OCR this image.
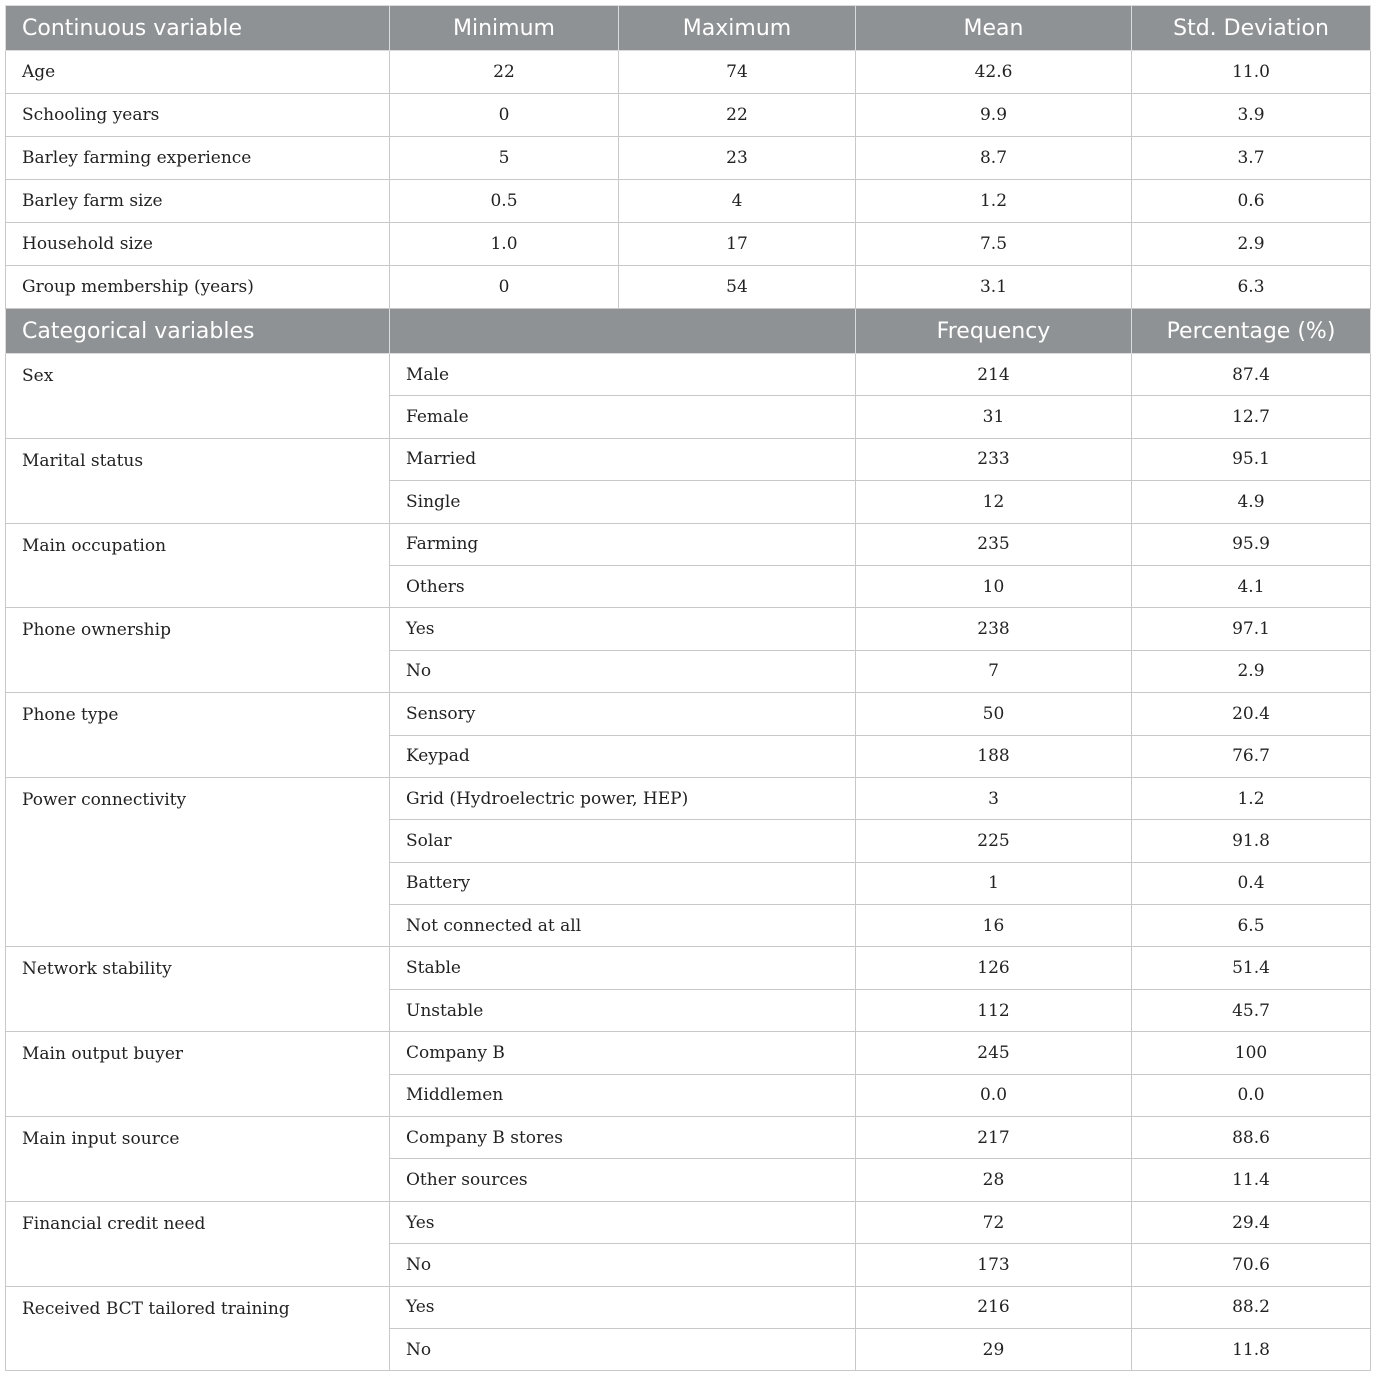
Continuous variable	Minimum	Maximum	Mean	Std. Deviation
Age	22	74	42.6	11.0
Schooling years	0	22	9.9	3.9
Barley farming experience	5	23	8.7	3.7
Barley farm size	0.5	4	1.2	0.6
Household size	1.0	17	7.5	2.9
Group membership (years)	0	54	3.1	6.3
Categorical variables			Frequency	Percentage (%)
Sex	Male		214	87.4
	Female		31	12.7
Marital status	Married		233	95.1
	Single		12	4.9
Main occupation	Farming		235	95.9
	Others		10	4.1
Phone ownership	Yes		238	97.1
	No		7	2.9
Phone type	Sensory		50	20.4
	Keypad		188	76.7
Power connectivity	Grid (Hydroelectric power, HEP)		3	1.2
	Solar		225	91.8
	Battery		1	0.4
	Not connected at all		16	6.5
Network stability	Stable		126	51.4
	Unstable		112	45.7
Main output buyer	Company B		245	100
	Middlemen		0.0	0.0
Main input source	Company B stores		217	88.6
	Other sources		28	11.4
Financial credit need	Yes		72	29.4
	No		173	70.6
Received BCT tailored training	Yes		216	88.2
	No		29	11.8
